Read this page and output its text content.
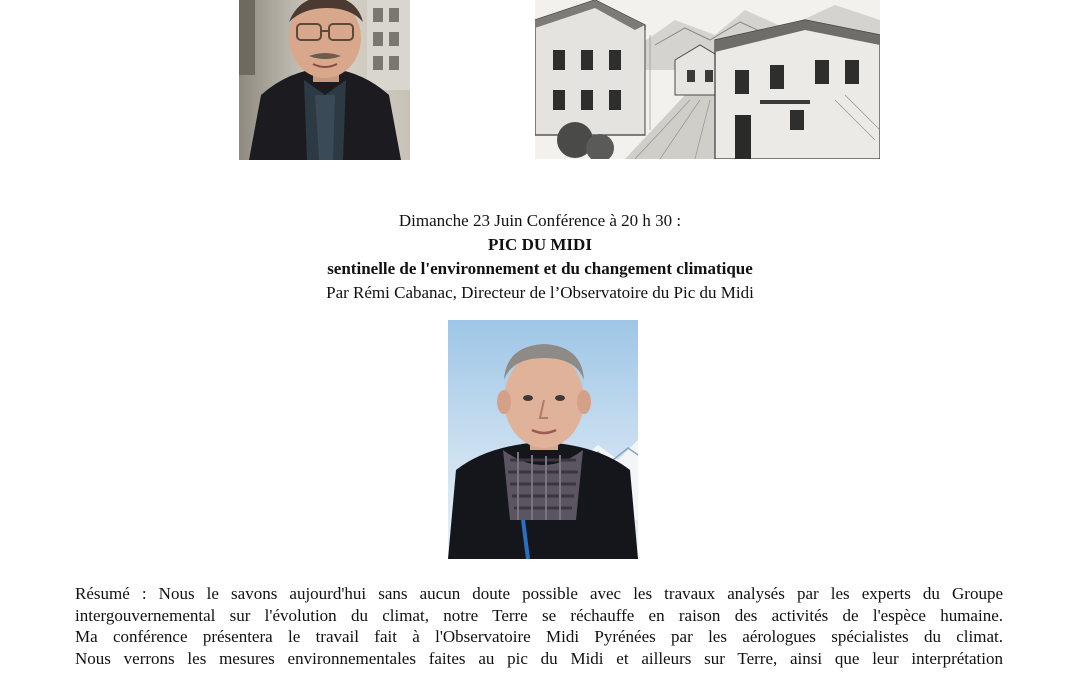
Dimanche 23 Juin Conférence à 20 h 30 :
PIC DU MIDI
sentinelle de l'environnement et du changement climatique
Par Rémi Cabanac, Directeur de l’Observatoire du Pic du Midi
Résumé : Nous le savons aujourd'hui sans aucun doute possible avec les travaux analysés par les experts du Groupe
intergouvernemental sur l'évolution du climat, notre Terre se réchauffe en raison des activités de l'espèce humaine.
Ma conférence présentera le travail fait à l'Observatoire Midi Pyrénées par les aérologues spécialistes du climat.
Nous verrons les mesures environnementales faites au pic du Midi et ailleurs sur Terre, ainsi que leur interprétation
